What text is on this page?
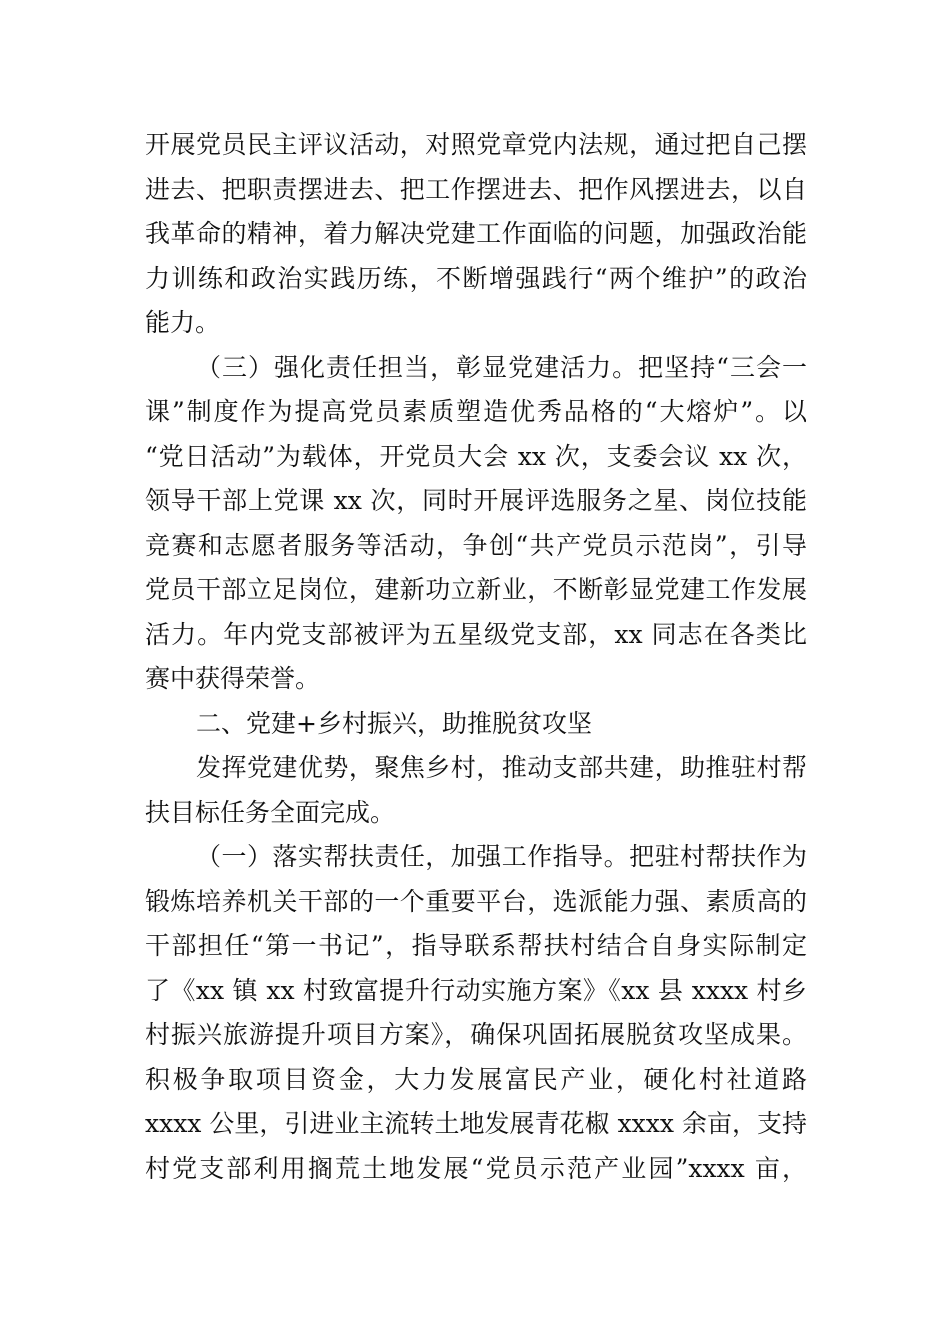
开展党员民主评议活动，对照党章党内法规，通过把自己摆
进去、把职责摆进去、把工作摆进去、把作风摆进去，以自
我革命的精神，着力解决党建工作面临的问题，加强政治能
力训练和政治实践历练，不断增强践行“两个维护”的政治
能力。
（三）强化责任担当，彰显党建活力。把坚持“三会一
课”制度作为提高党员素质塑造优秀品格的“大熔炉”。以
“党日活动”为载体，开党员大会 xx 次，支委会议 xx 次，
领导干部上党课 xx 次，同时开展评选服务之星、岗位技能
竞赛和志愿者服务等活动，争创“共产党员示范岗”，引导
党员干部立足岗位，建新功立新业，不断彰显党建工作发展
活力。年内党支部被评为五星级党支部，xx 同志在各类比
赛中获得荣誉。
二、党建+乡村振兴，助推脱贫攻坚
发挥党建优势，聚焦乡村，推动支部共建，助推驻村帮
扶目标任务全面完成。
（一）落实帮扶责任，加强工作指导。把驻村帮扶作为
锻炼培养机关干部的一个重要平台，选派能力强、素质高的
干部担任“第一书记”，指导联系帮扶村结合自身实际制定
了《xx 镇 xx 村致富提升行动实施方案》《xx 县 xxxx 村乡
村振兴旅游提升项目方案》，确保巩固拓展脱贫攻坚成果。
积极争取项目资金，大力发展富民产业，硬化村社道路
xxxx 公里，引进业主流转土地发展青花椒 xxxx 余亩，支持
村党支部利用搁荒土地发展“党员示范产业园”xxxx 亩，
